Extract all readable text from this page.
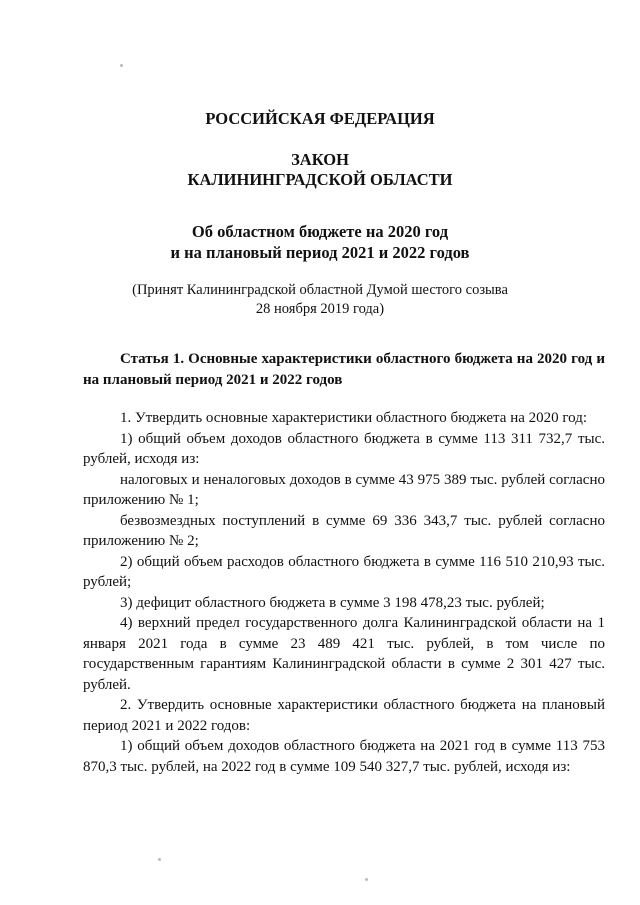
РОССИЙСКАЯ ФЕДЕРАЦИЯ

ЗАКОН

КАЛИНИНГРАДСКОЙ ОБЛАСТИ

Об областном бюджете на 2020 год

и на плановый период 2021 и 2022 годов

(Принят Калининградской областной Думой шестого созыва

28 ноября 2019 года)

Статья 1. Основные характеристики областного бюджета на 2020 год и на плановый период 2021 и 2022 годов

1. Утвердить основные характеристики областного бюджета на 2020 год:

1) общий объем доходов областного бюджета в сумме 113 311 732,7 тыс. рублей, исходя из:

налоговых и неналоговых доходов в сумме 43 975 389 тыс. рублей согласно приложению № 1;

безвозмездных поступлений в сумме 69 336 343,7 тыс. рублей согласно приложению № 2;

2) общий объем расходов областного бюджета в сумме 116 510 210,93 тыс. рублей;

3) дефицит областного бюджета в сумме 3 198 478,23 тыс. рублей;

4) верхний предел государственного долга Калининградской области на 1 января 2021 года в сумме 23 489 421 тыс. рублей, в том числе по государственным гарантиям Калининградской области в сумме 2 301 427 тыс. рублей.

2. Утвердить основные характеристики областного бюджета на плановый период 2021 и 2022 годов:

1) общий объем доходов областного бюджета на 2021 год в сумме 113 753 870,3 тыс. рублей, на 2022 год в сумме 109 540 327,7 тыс. рублей, исходя из:
